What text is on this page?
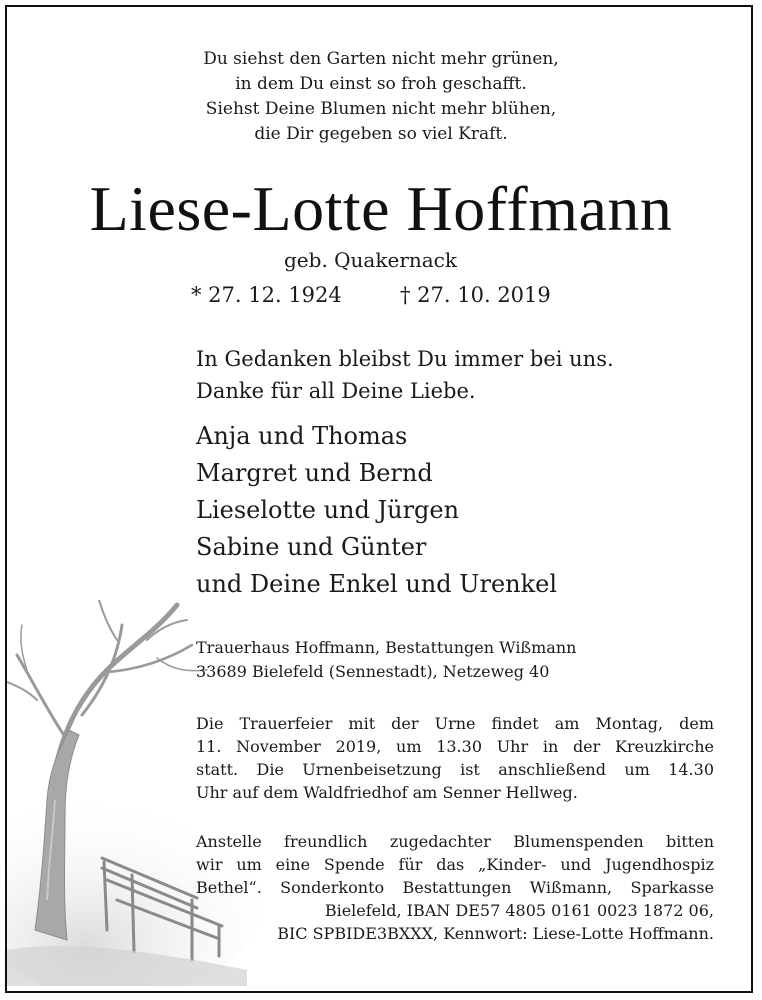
Du siehst den Garten nicht mehr grünen,
in dem Du einst so froh geschafft.
Siehst Deine Blumen nicht mehr blühen,
die Dir gegeben so viel Kraft.
Liese-Lotte Hoffmann
geb. Quakernack
* 27. 12. 1924	† 27. 10. 2019
In Gedanken bleibst Du immer bei uns.
Danke für all Deine Liebe.
Anja und Thomas
Margret und Bernd
Lieselotte und Jürgen
Sabine und Günter
und Deine Enkel und Urenkel
Trauerhaus Hoffmann, Bestattungen Wißmann
33689 Bielefeld (Sennestadt), Netzeweg 40
Die Trauerfeier mit der Urne findet am Montag, dem
11. November 2019, um 13.30 Uhr in der Kreuzkirche
statt. Die Urnenbeisetzung ist anschließend um 14.30
Uhr auf dem Waldfriedhof am Senner Hellweg.
Anstelle freundlich zugedachter Blumenspenden bitten
wir um eine Spende für das „Kinder- und Jugendhospiz
Bethel“. Sonderkonto Bestattungen Wißmann, Sparkasse
Bielefeld, IBAN DE57 4805 0161 0023 1872 06,
BIC SPBIDE3BXXX, Kennwort: Liese-Lotte Hoffmann.
